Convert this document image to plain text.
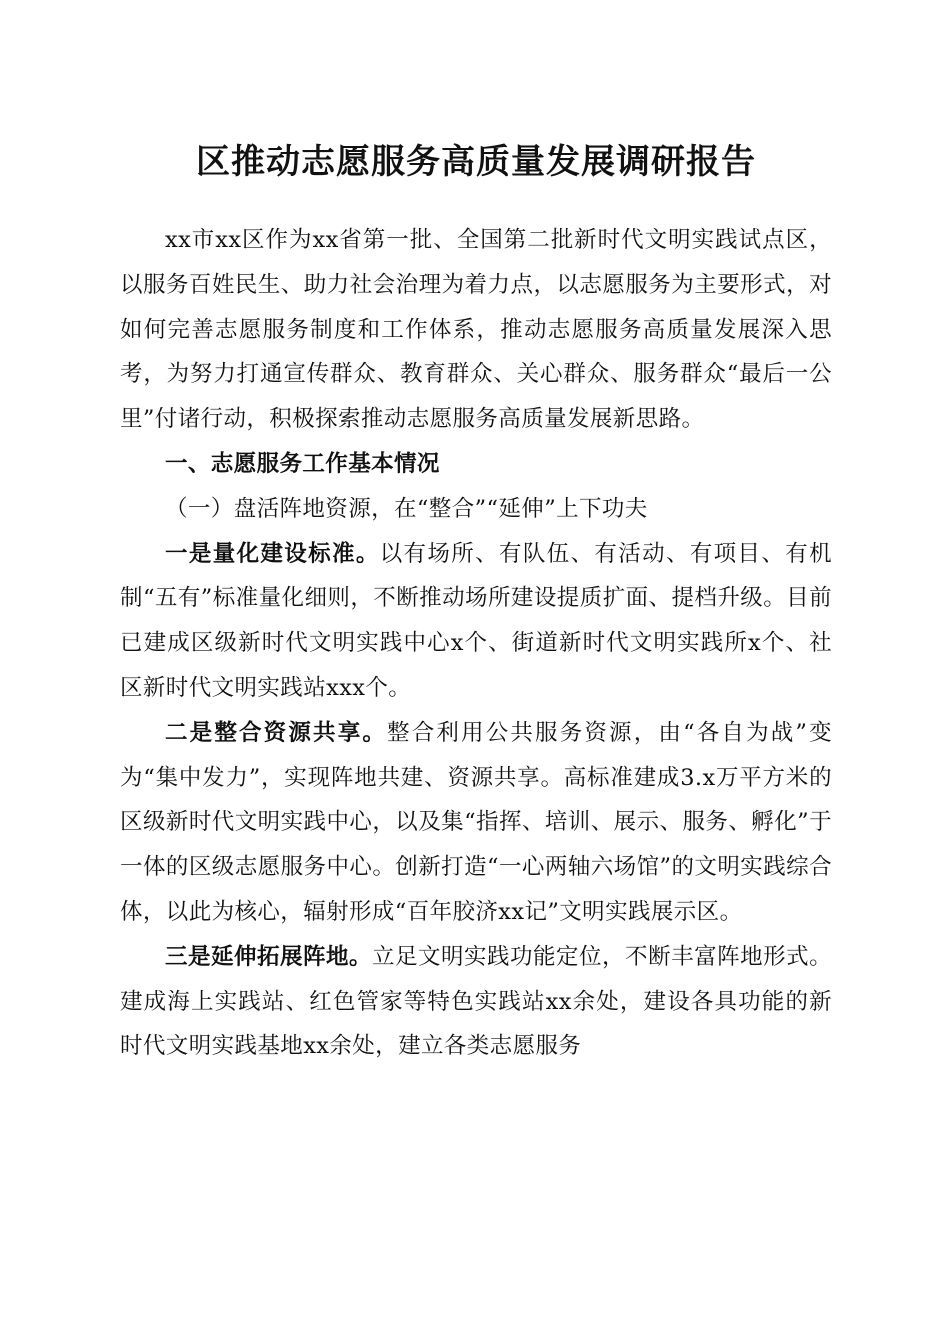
区推动志愿服务高质量发展调研报告

xx市xx区作为xx省第一批、全国第二批新时代文明实践试点区，以服务百姓民生、助力社会治理为着力点，以志愿服务为主要形式，对如何完善志愿服务制度和工作体系，推动志愿服务高质量发展深入思考，为努力打通宣传群众、教育群众、关心群众、服务群众“最后一公里”付诸行动，积极探索推动志愿服务高质量发展新思路。

一、志愿服务工作基本情况

（一）盘活阵地资源，在“整合”“延伸”上下功夫

一是量化建设标准。以有场所、有队伍、有活动、有项目、有机制“五有”标准量化细则，不断推动场所建设提质扩面、提档升级。目前已建成区级新时代文明实践中心x个、街道新时代文明实践所x个、社区新时代文明实践站xxx个。

二是整合资源共享。整合利用公共服务资源，由“各自为战”变为“集中发力”，实现阵地共建、资源共享。高标准建成3.x万平方米的区级新时代文明实践中心，以及集“指挥、培训、展示、服务、孵化”于一体的区级志愿服务中心。创新打造“一心两轴六场馆”的文明实践综合体，以此为核心，辐射形成“百年胶济xx记”文明实践展示区。

三是延伸拓展阵地。立足文明实践功能定位，不断丰富阵地形式。建成海上实践站、红色管家等特色实践站xx余处，建设各具功能的新时代文明实践基地xx余处，建立各类志愿服务
